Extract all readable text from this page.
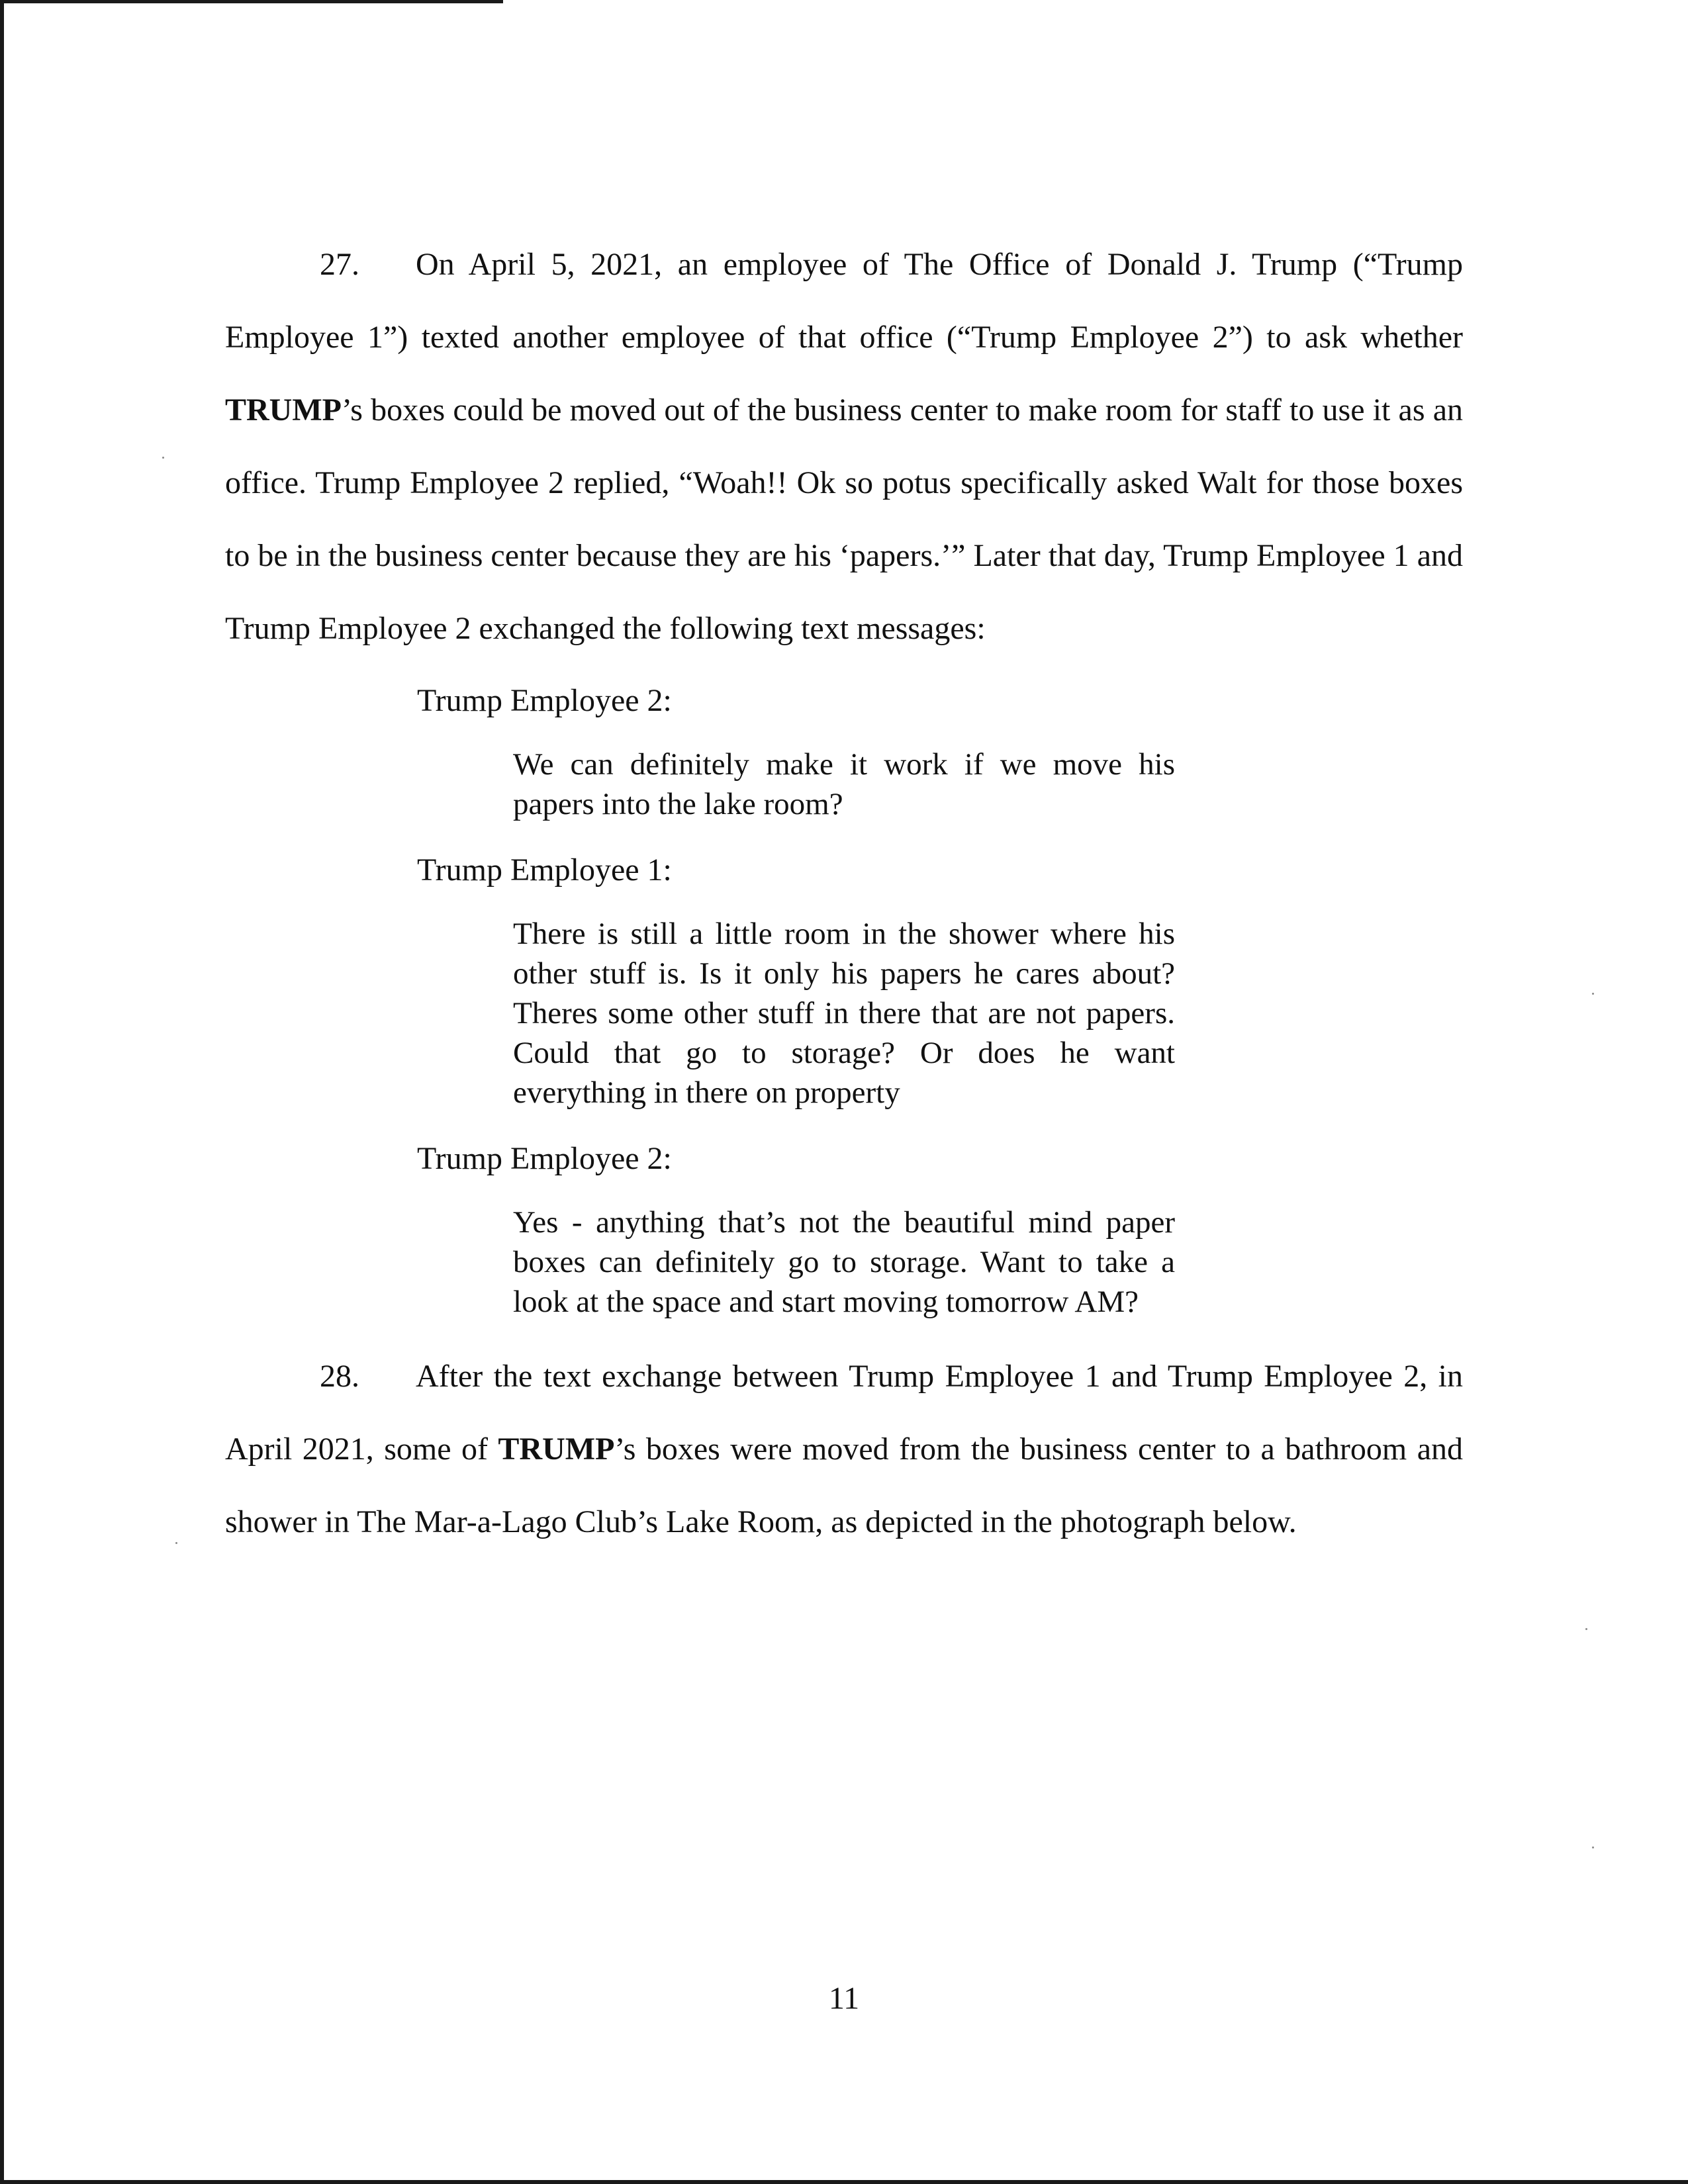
27. On April 5, 2021, an employee of The Office of Donald J. Trump (“Trump Employee 1”) texted another employee of that office (“Trump Employee 2”) to ask whether TRUMP’s boxes could be moved out of the business center to make room for staff to use it as an office. Trump Employee 2 replied, “Woah!! Ok so potus specifically asked Walt for those boxes to be in the business center because they are his ‘papers.’” Later that day, Trump Employee 1 and Trump Employee 2 exchanged the following text messages:

Trump Employee 2:
We can definitely make it work if we move his papers into the lake room?
Trump Employee 1:
There is still a little room in the shower where his other stuff is. Is it only his papers he cares about? Theres some other stuff in there that are not papers. Could that go to storage? Or does he want everything in there on property
Trump Employee 2:
Yes - anything that’s not the beautiful mind paper boxes can definitely go to storage. Want to take a look at the space and start moving tomorrow AM?

28. After the text exchange between Trump Employee 1 and Trump Employee 2, in April 2021, some of TRUMP’s boxes were moved from the business center to a bathroom and shower in The Mar-a-Lago Club’s Lake Room, as depicted in the photograph below.

11
